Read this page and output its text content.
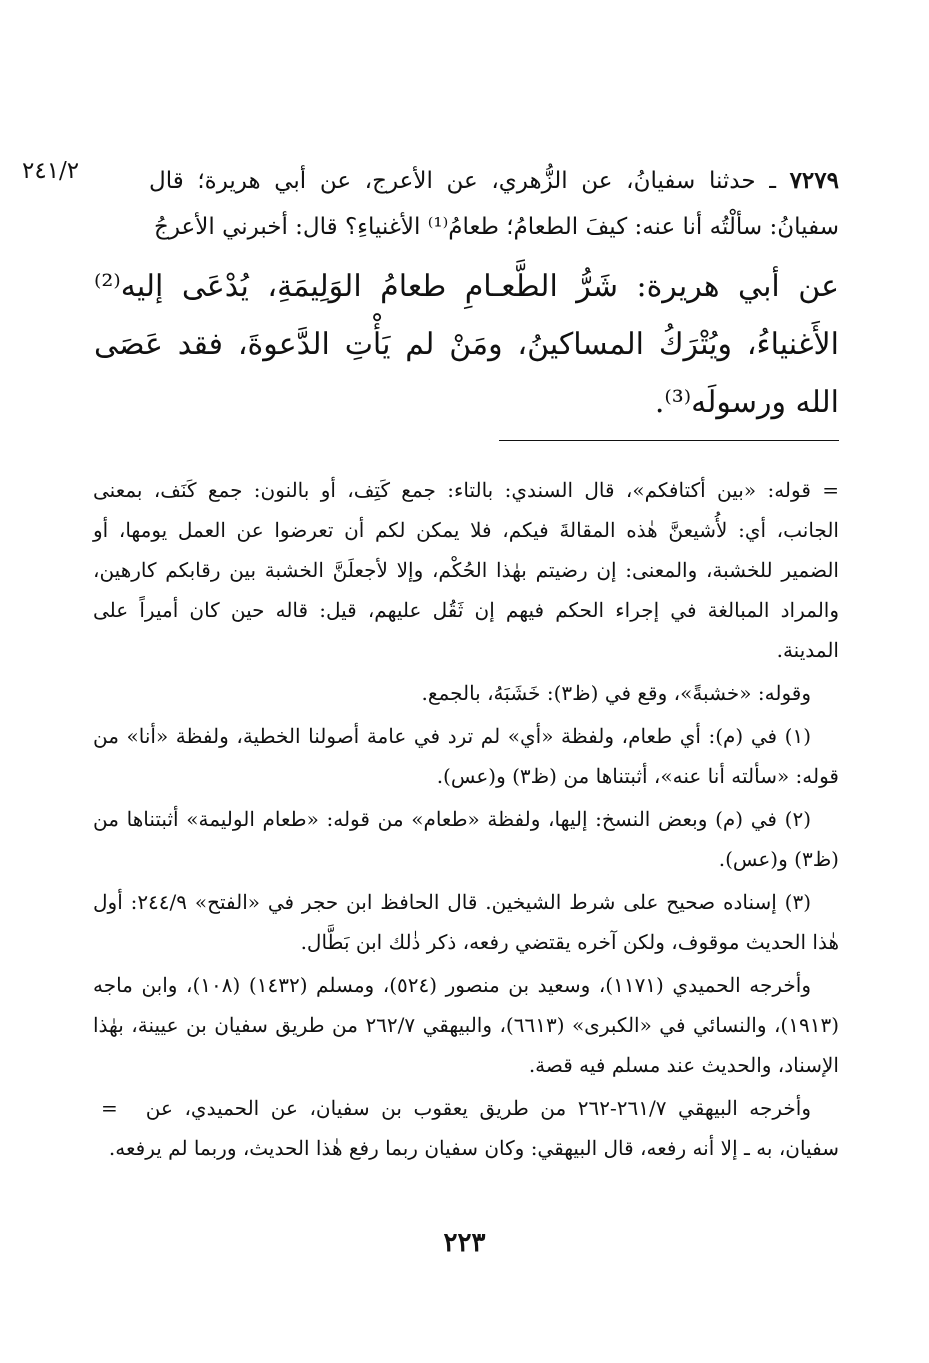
٢٤١/٢	٧٢٧٩ ـ حدثنا سفيانُ، عن الزُّهري، عن الأعرج، عن أبي هريرة؛ قال سفيانُ: سألْتُه أنا عنه: كيفَ الطعامُ؛ طعامُ⁽¹⁾ الأغنياءِ؟ قال: أخبرني الأعرجُ
عن أبي هريرة: شَرُّ الطَّعـامِ طعامُ الوَلِيمَةِ، يُدْعَى إليه⁽²⁾ الأَغنياءُ، ويُتْرَكُ المساكينُ، ومَنْ لم يَأْتِ الدَّعوةَ، فقد عَصَى الله ورسولَه⁽³⁾.

= قوله: «بين أكتافكم»، قال السندي: بالتاء: جمع كَتِف، أو بالنون: جمع كَنَف، بمعنى الجانب، أي: لأُشيعنَّ هٰذه المقالةَ فيكم، فلا يمكن لكم أن تعرضوا عن العمل يومها، أو الضمير للخشبة، والمعنى: إن رضيتم بهٰذا الحُكْم، وإلا لأجعلَنَّ الخشبة بين رقابكم كارهين، والمراد المبالغة في إجراء الحكم فيهم إن ثَقُل عليهم، قيل: قاله حين كان أميراً على المدينة.

وقوله: «خشبةً»، وقع في (ظ٣): خَشَبَهُ، بالجمع.

(١) في (م): أي طعام، ولفظة «أي» لم ترد في عامة أصولنا الخطية، ولفظة «أنا» من قوله: «سألته أنا عنه»، أثبتناها من (ظ٣) و(عس).

(٢) في (م) وبعض النسخ: إليها، ولفظة «طعام» من قوله: «طعام الوليمة» أثبتناها من (ظ٣) و(عس).

(٣) إسناده صحيح على شرط الشيخين. قال الحافظ ابن حجر في «الفتح» ٢٤٤/٩: أول هٰذا الحديث موقوف، ولكن آخره يقتضي رفعه، ذكر ذٰلك ابن بَطَّال.

وأخرجه الحميدي (١١٧١)، وسعيد بن منصور (٥٢٤)، ومسلم (١٤٣٢) (١٠٨)، وابن ماجه (١٩١٣)، والنسائي في «الكبرى» (٦٦١٣)، والبيهقي ٢٦٢/٧ من طريق سفيان بن عيينة، بهٰذا الإسناد، والحديث عند مسلم فيه قصة.

=	وأخرجه البيهقي ٢٦١/٧-٢٦٢ من طريق يعقوب بن سفيان، عن الحميدي، عن سفيان، به ـ إلا أنه رفعه، قال البيهقي: وكان سفيان ربما رفع هٰذا الحديث، وربما لم يرفعه.

٢٢٣
